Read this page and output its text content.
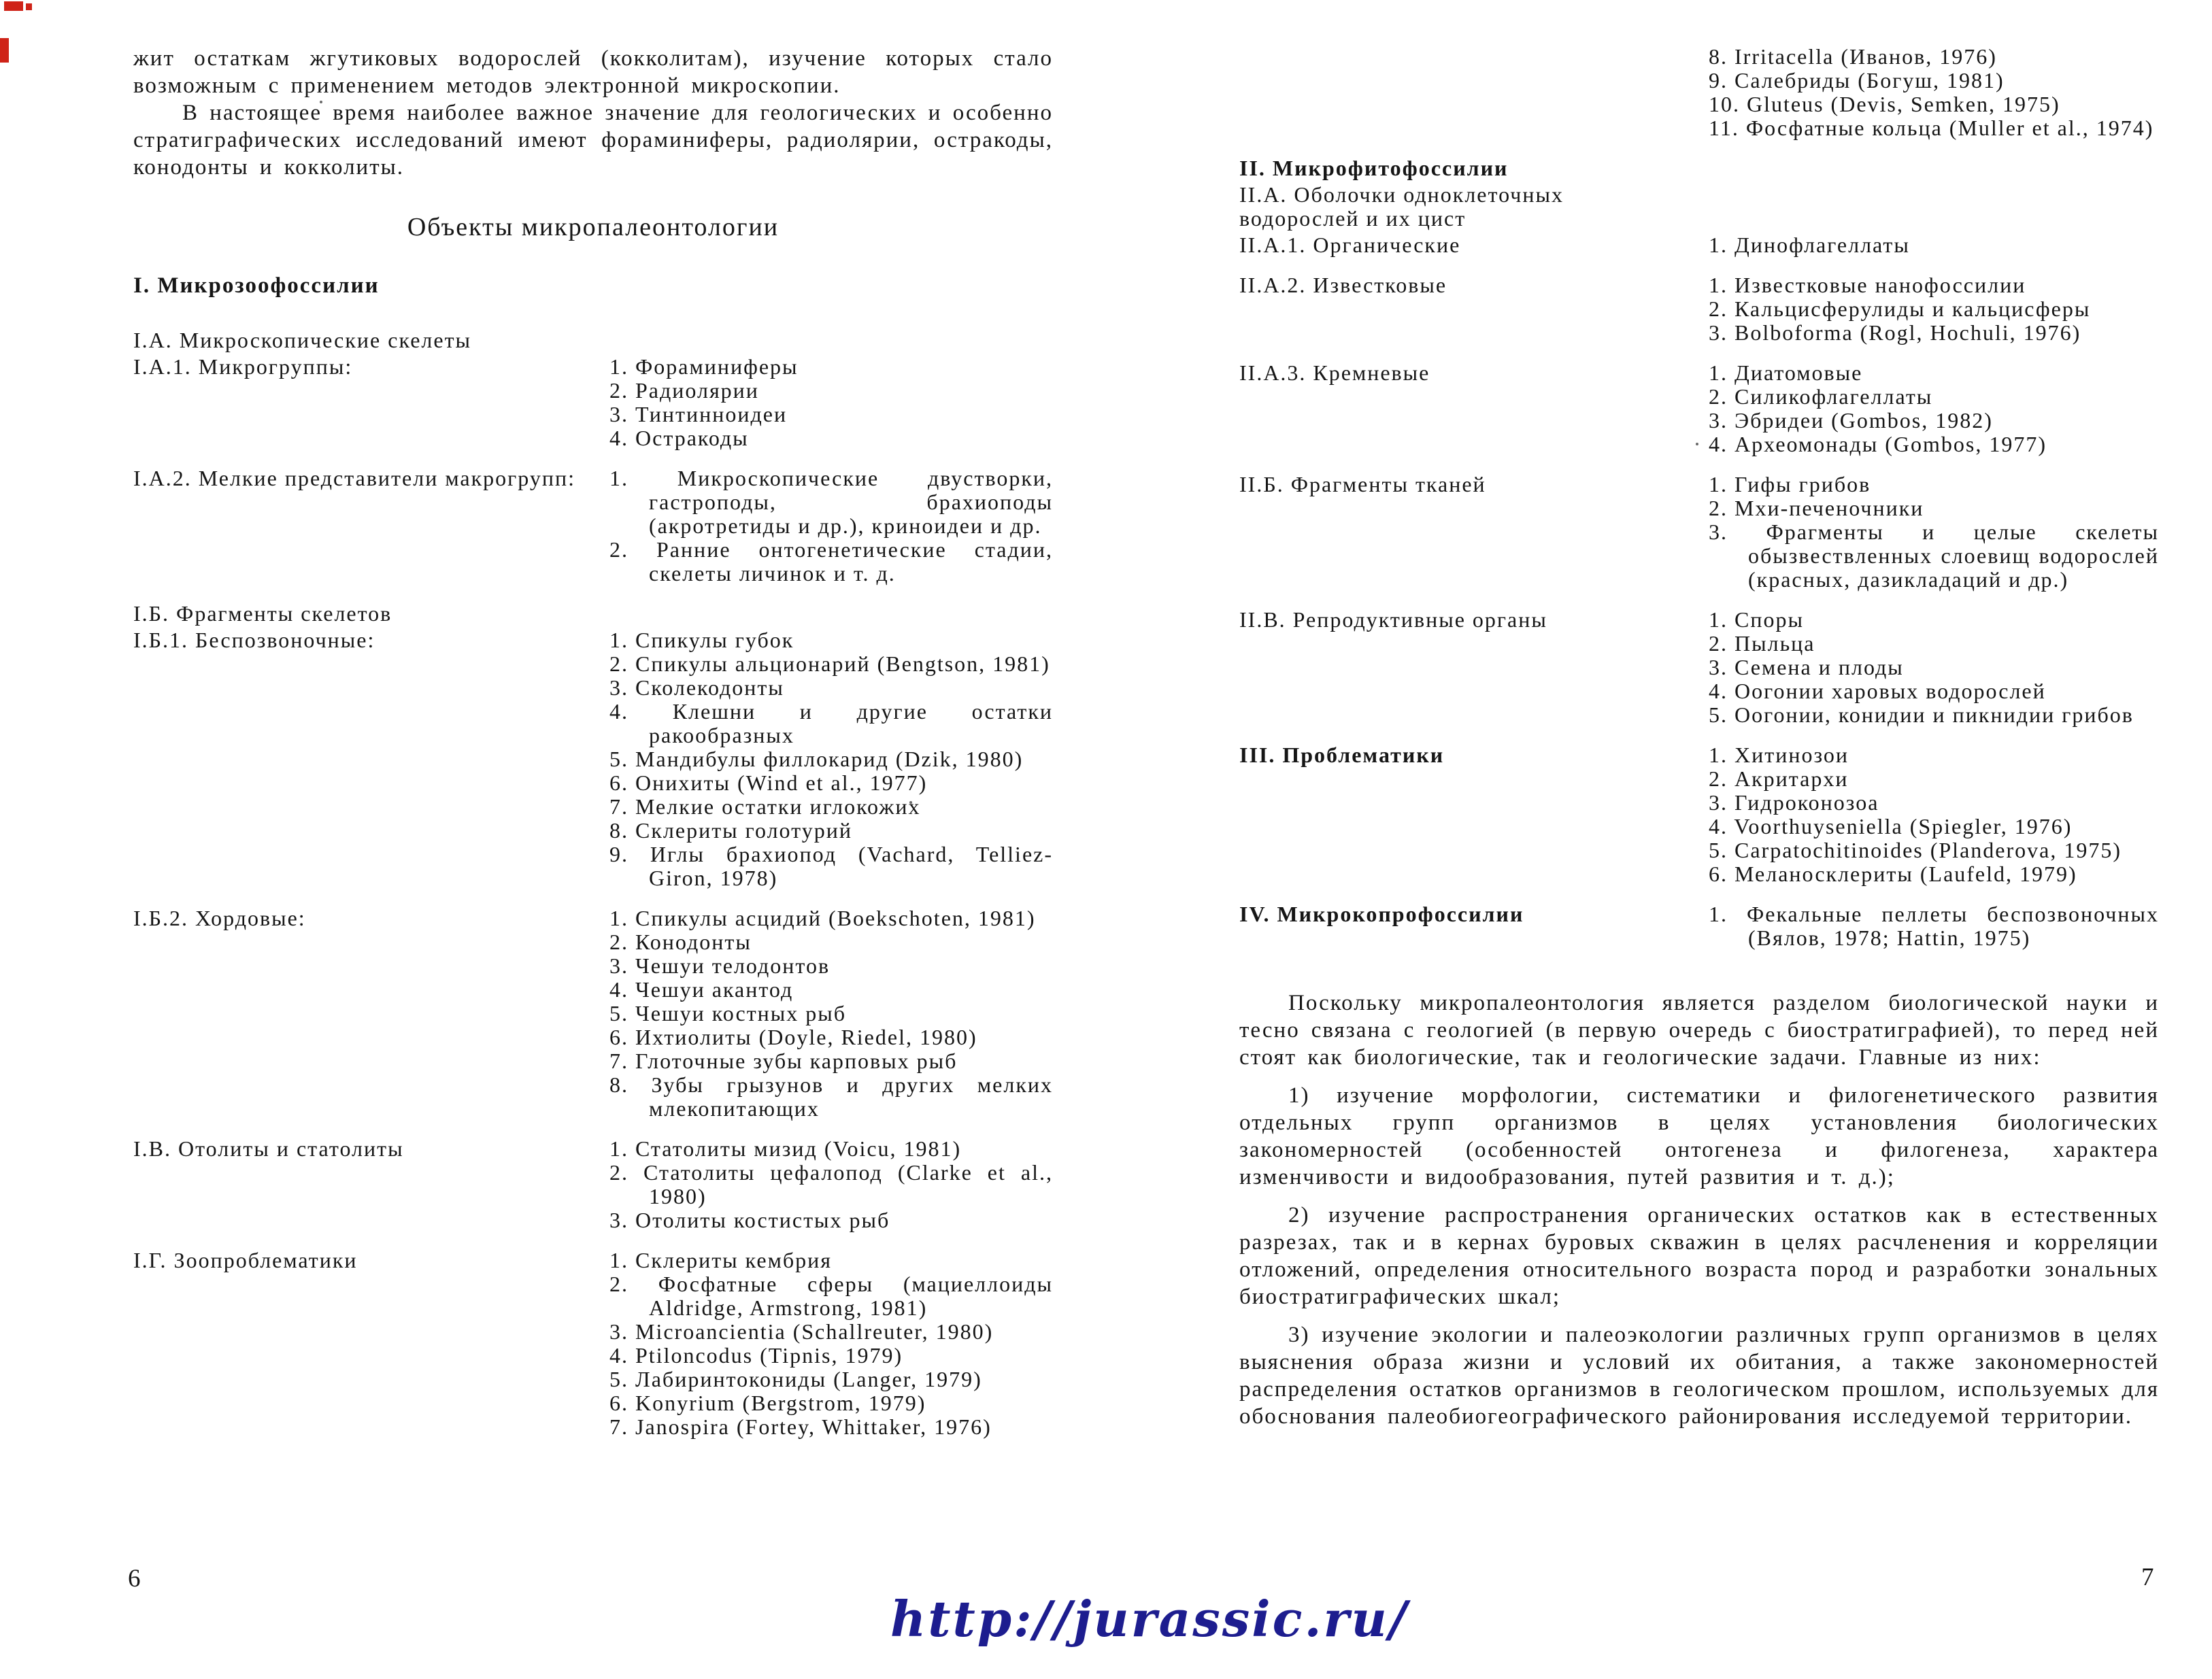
жит остаткам жгутиковых водорослей (кокколитам), изучение которых стало возможным с применением методов электронной микроскопии.

В настоящее время наиболее важное значение для геологических и особенно стратиграфических исследований имеют фораминиферы, радиолярии, остракоды, конодонты и кокколиты.

Объекты микропалеонтологии
I. Микрозоофоссилии
I.А. Микроскопические скелеты
I.А.1. Микрогруппы:	1. Фораминиферы
2. Радиолярии
3. Тинтинноидеи
4. Остракоды
I.А.2. Мелкие представители макрогрупп:	1. Микроскопические двустворки, гастроподы, брахиоподы (акротретиды и др.), криноидеи и др.
2. Ранние онтогенетические стадии, скелеты личинок и т. д.
I.Б. Фрагменты скелетов
I.Б.1. Беспозвоночные:	1. Спикулы губок
2. Спикулы альционарий (Bengtson, 1981)
3. Сколекодонты
4. Клешни и другие остатки ракообразных
5. Мандибулы филлокарид (Dzik, 1980)
6. Онихиты (Wind et al., 1977)
7. Мелкие остатки иглокожих
8. Склериты голотурий
9. Иглы брахиопод (Vachard, Telliez-Giron, 1978)
I.Б.2. Хордовые:	1. Спикулы асцидий (Boekschoten, 1981)
2. Конодонты
3. Чешуи телодонтов
4. Чешуи акантод
5. Чешуи костных рыб
6. Ихтиолиты (Doyle, Riedel, 1980)
7. Глоточные зубы карповых рыб
8. Зубы грызунов и других мелких млекопитающих
I.В. Отолиты и статолиты	1. Статолиты мизид (Voicu, 1981)
2. Статолиты цефалопод (Clarke et al., 1980)
3. Отолиты костистых рыб
I.Г. Зоопроблематики	1. Склериты кембрия
2. Фосфатные сферы (мациеллоиды Aldridge, Armstrong, 1981)
3. Microancientia (Schallreuter, 1980)
4. Ptiloncodus (Tipnis, 1979)
5. Лабиринтокониды (Langer, 1979)
6. Konyrium (Bergstrom, 1979)
7. Janospira (Fortey, Whittaker, 1976)
8. Irritacella (Иванов, 1976)
9. Салебриды (Богуш, 1981)
10. Gluteus (Devis, Semken, 1975)
11. Фосфатные кольца (Muller et al., 1974)
II. Микрофитофоссилии
II.А. Оболочки одноклеточных водорослей и их цист
II.А.1. Органические	1. Динофлагеллаты
II.А.2. Известковые	1. Известковые нанофоссилии
2. Кальцисферулиды и кальцисферы
3. Bolboforma (Rogl, Hochuli, 1976)
II.А.3. Кремневые	1. Диатомовые
2. Силикофлагеллаты
3. Эбридеи (Gombos, 1982)
4. Археомонады (Gombos, 1977)
II.Б. Фрагменты тканей	1. Гифы грибов
2. Мхи-печеночники
3. Фрагменты и целые скелеты обызвествленных слоевищ водорослей (красных, дазикладаций и др.)
II.В. Репродуктивные органы	1. Споры
2. Пыльца
3. Семена и плоды
4. Оогонии харовых водорослей
5. Оогонии, конидии и пикнидии грибов
III. Проблематики	1. Хитинозои
2. Акритархи
3. Гидроконозоа
4. Voorthuyseniella (Spiegler, 1976)
5. Carpatochitinoides (Planderova, 1975)
6. Меланосклериты (Laufeld, 1979)
IV. Микрокопрофоссилии	1. Фекальные пеллеты беспозвоночных (Вялов, 1978; Hattin, 1975)

Поскольку микропалеонтология является разделом биологической науки и тесно связана с геологией (в первую очередь с биостратиграфией), то перед ней стоят как биологические, так и геологические задачи. Главные из них:

1) изучение морфологии, систематики и филогенетического развития отдельных групп организмов в целях установления биологических закономерностей (особенностей онтогенеза и филогенеза, характера изменчивости и видообразования, путей развития и т. д.);

2) изучение распространения органических остатков как в естественных разрезах, так и в кернах буровых скважин в целях расчленения и корреляции отложений, определения относительного возраста пород и разработки зональных биостратиграфических шкал;

3) изучение экологии и палеоэкологии различных групп организмов в целях выяснения образа жизни и условий их обитания, а также закономерностей распределения остатков организмов в геологическом прошлом, используемых для обоснования палеобиогеографического районирования исследуемой территории.

6	7
http://jurassic.ru/
